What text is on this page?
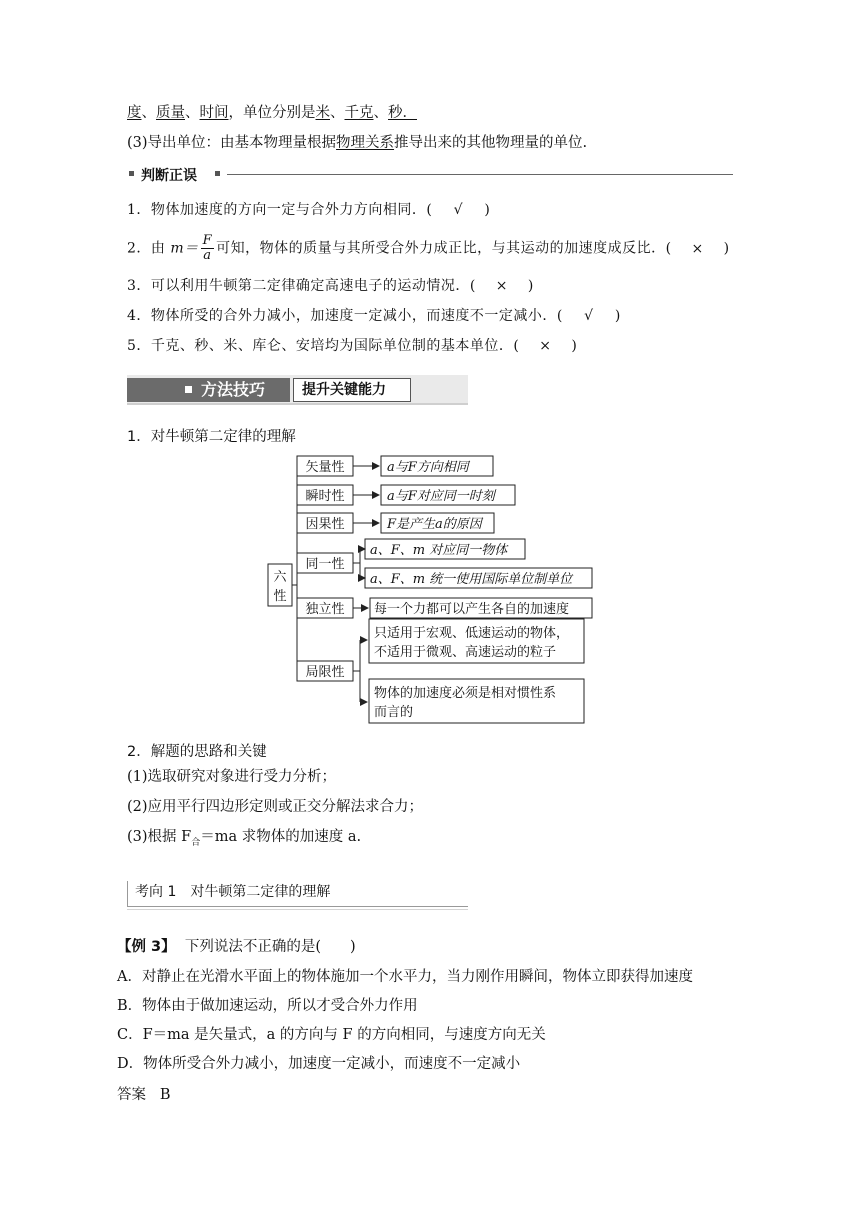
度、质量、时间，单位分别是米、千克、秒．
(3)导出单位：由基本物理量根据物理关系推导出来的其他物理量的单位.
判断正误
1．物体加速度的方向一定与合外力方向相同．( √ )
2．由 $m= \frac{F}{a}$ 可知，物体的质量与其所受合外力成正比，与其运动的加速度成反比．( × )
3．可以利用牛顿第二定律确定高速电子的运动情况．( × )
4．物体所受的合外力减小，加速度一定减小，而速度不一定减小．( √ )
5．千克、秒、米、库仑、安培均为国际单位制的基本单位．( × )
方法技巧	提升关键能力
1．对牛顿第二定律的理解
六
性
矢量性
瞬时性
因果性
同一性
独立性
局限性
a与F方向相同
a与F对应同一时刻
F是产生a的原因
a、F、m 对应同一物体
a、F、m 统一使用国际单位制单位
每一个力都可以产生各自的加速度
只适用于宏观、低速运动的物体，
不适用于微观、高速运动的粒子
物体的加速度必须是相对惯性系
而言的
2．解题的思路和关键
(1)选取研究对象进行受力分析；
(2)应用平行四边形定则或正交分解法求合力；
(3)根据 $F_合=ma$ 求物体的加速度 a.
考向 1　对牛顿第二定律的理解
【例 3】 下列说法不正确的是(　　)
A．对静止在光滑水平面上的物体施加一个水平力，当力刚作用瞬间，物体立即获得加速度
B．物体由于做加速运动，所以才受合外力作用
C．F＝ma 是矢量式，a 的方向与 F 的方向相同，与速度方向无关
D．物体所受合外力减小，加速度一定减小，而速度不一定减小
答案 B
